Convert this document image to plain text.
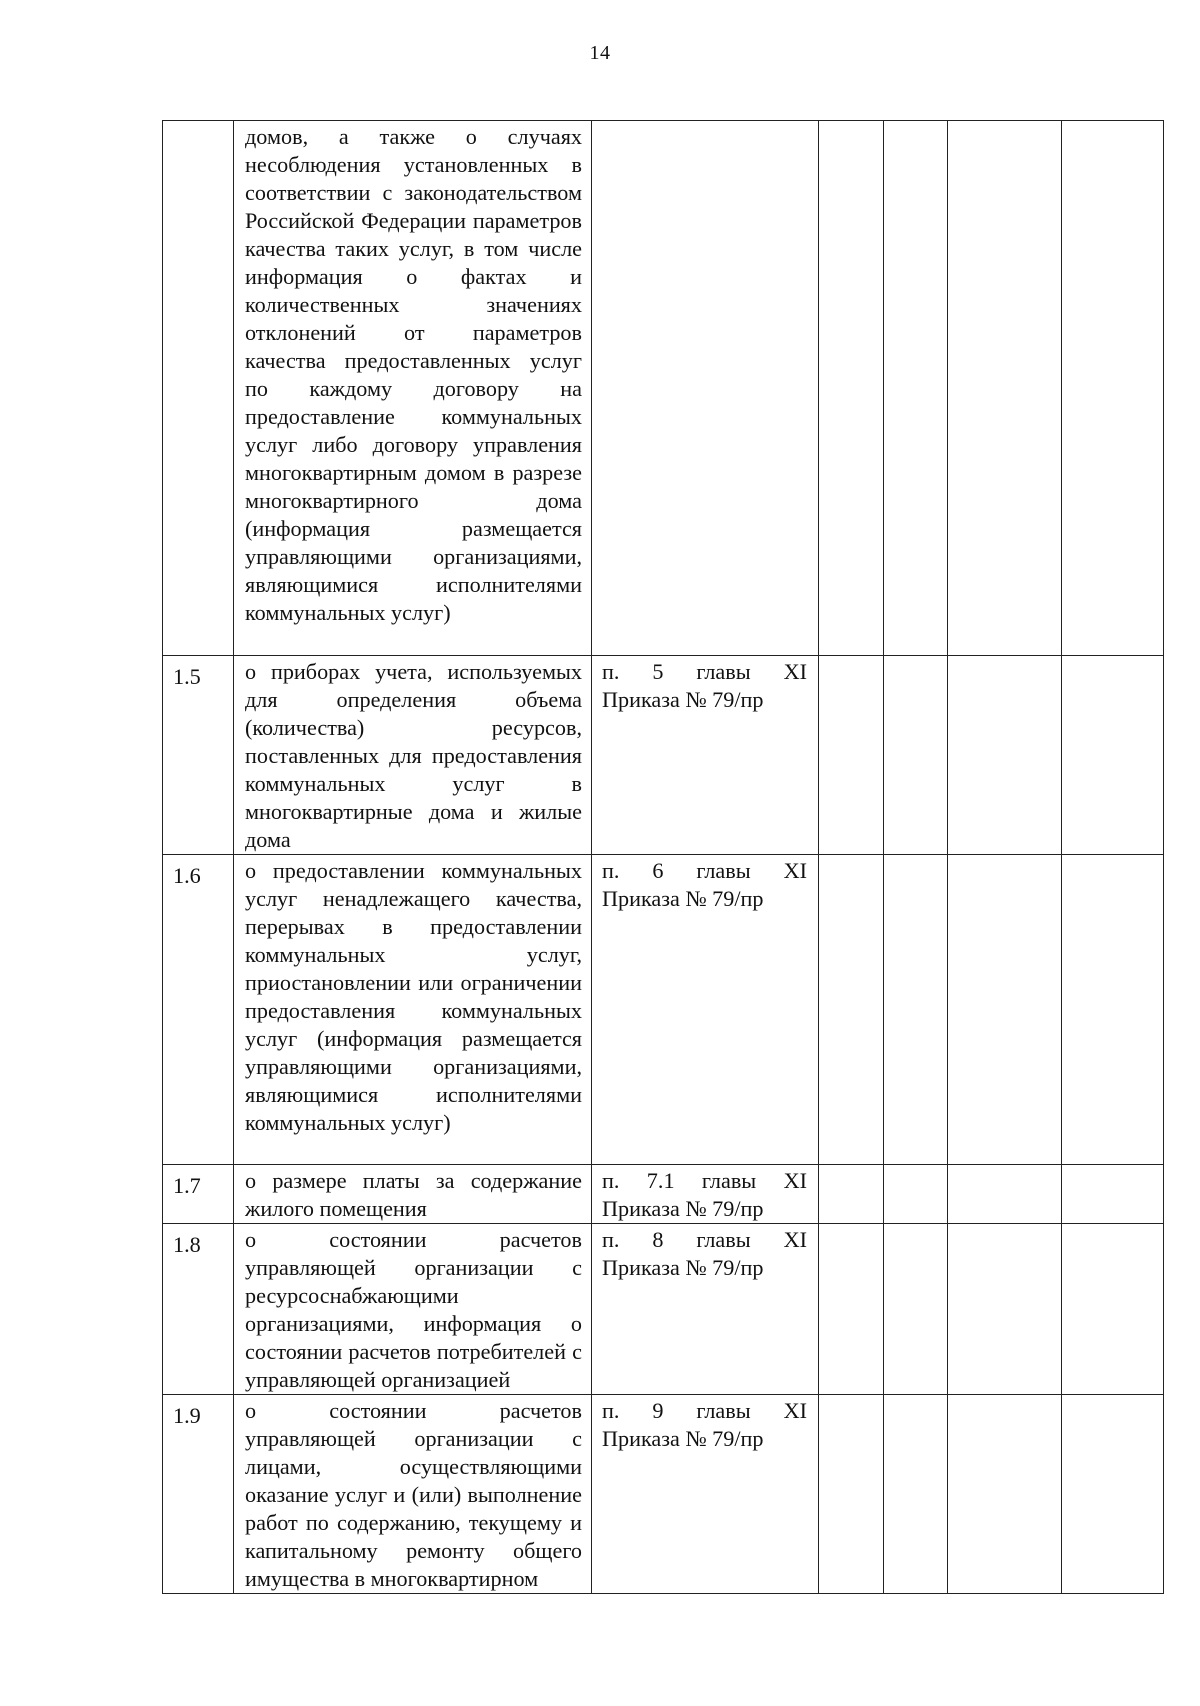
14

	домов, а также о случаях несоблюдения установленных в соответствии с законодательством Российской Федерации параметров качества таких услуг, в том числе информация о фактах и количественных значениях отклонений от параметров качества предоставленных услуг по каждому договору на предоставление коммунальных услуг либо договору управления многоквартирным домом в разрезе многоквартирного дома (информация размещается управляющими организациями, являющимися исполнителями коммунальных услуг)					

1.5	о приборах учета, используемых для определения объема (количества) ресурсов, поставленных для предоставления коммунальных услуг в многоквартирные дома и жилые дома	п. 5 главы XI
Приказа № 79/пр				

1.6	о предоставлении коммунальных услуг ненадлежащего качества, перерывах в предоставлении коммунальных услуг, приостановлении или ограничении предоставления коммунальных услуг (информация размещается управляющими организациями, являющимися исполнителями коммунальных услуг)	п. 6 главы XI
Приказа № 79/пр				

1.7	о размере платы за содержание жилого помещения	п. 7.1 главы XI
Приказа № 79/пр				

1.8	о состоянии расчетов управляющей организации с ресурсоснабжающими организациями, информация о состоянии расчетов потребителей с управляющей организацией	п. 8 главы XI
Приказа № 79/пр				

1.9	о состоянии расчетов управляющей организации с лицами, осуществляющими оказание услуг и (или) выполнение работ по содержанию, текущему и капитальному ремонту общего имущества в многоквартирном	п. 9 главы XI
Приказа № 79/пр				
